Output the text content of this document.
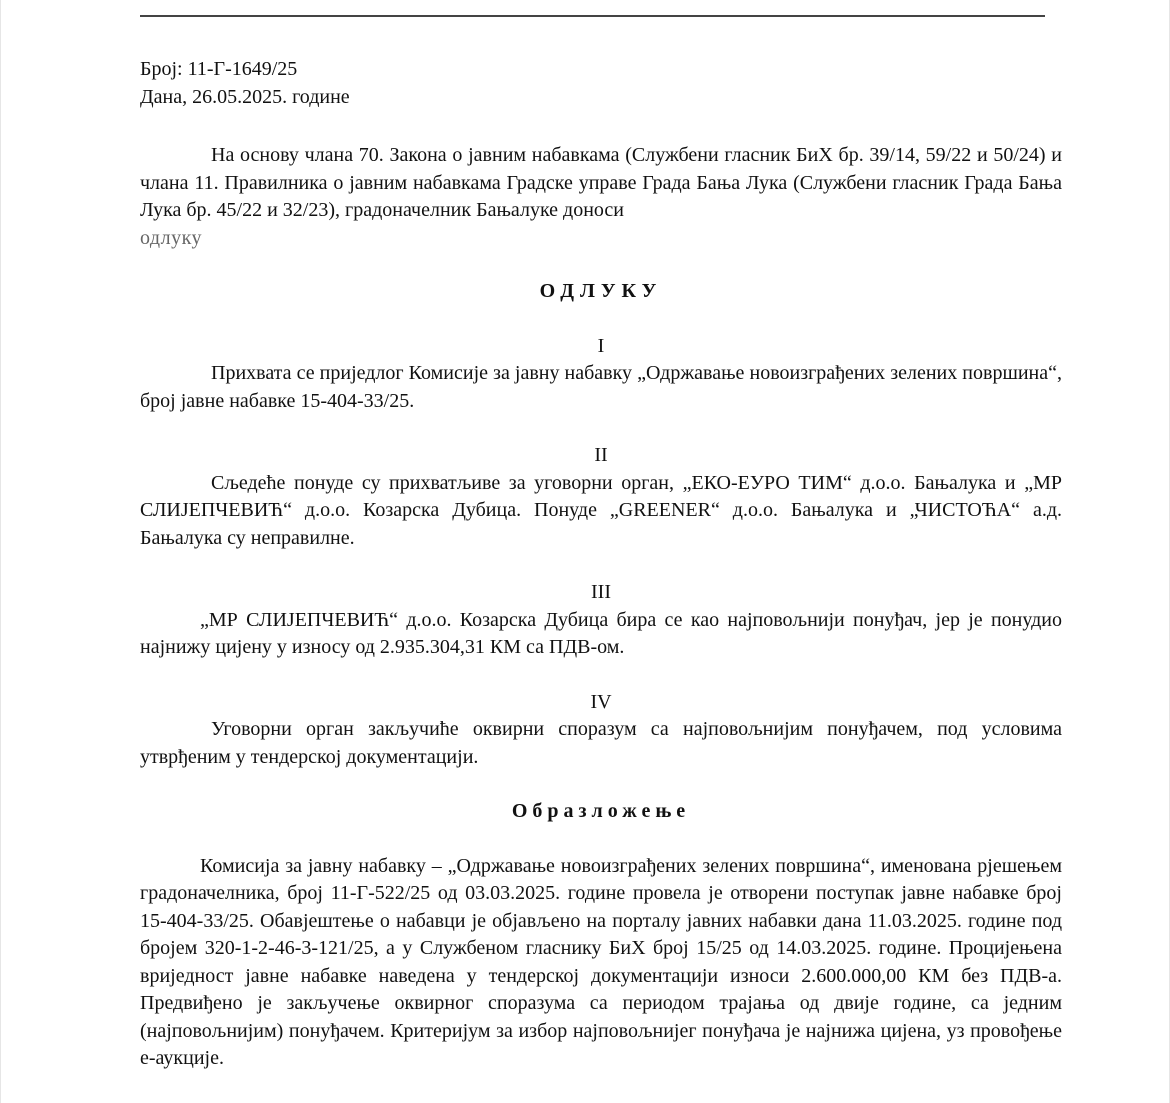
Број: 11-Г-1649/25

Дана, 26.05.2025. године

На основу члана 70. Закона о јавним набавкама (Службени гласник БиХ бр. 39/14, 59/22 и 50/24) и члана 11. Правилника о јавним набавкама Градске управе Града Бања Лука (Службени гласник Града Бања Лука бр. 45/22 и 32/23), градоначелник Бањалуке доноси
одлуку

ОДЛУКУ

I

Прихвата се приједлог Комисије за јавну набавку „Одржавање новоизграђених зелених површина“, број јавне набавке 15-404-33/25.

II

Сљедеће понуде су прихватљиве за уговорни орган, „ЕКО-ЕУРО ТИМ“ д.о.о. Бањалука и „МР СЛИЈЕПЧЕВИЋ“ д.о.о. Козарска Дубица. Понуде „GREENER“ д.о.о. Бањалука и „ЧИСТОЋА“ а.д. Бањалука су неправилне.

III

„МР СЛИЈЕПЧЕВИЋ“ д.о.о. Козарска Дубица бира се као најповољнији понуђач, јер је понудио најнижу цијену у износу од 2.935.304,31 КМ са ПДВ-ом.

IV

Уговорни орган закључиће оквирни споразум са најповољнијим понуђачем, под условима утврђеним у тендерској документацији.

Образложење

Комисија за јавну набавку – „Одржавање новоизграђених зелених површина“, именована рјешењем градоначелника, број 11-Г-522/25 од 03.03.2025. године провела је отворени поступак јавне набавке број 15-404-33/25. Обавјештење о набавци је објављено на порталу јавних набавки дана 11.03.2025. године под бројем 320-1-2-46-3-121/25, а у Службеном гласнику БиХ број 15/25 од 14.03.2025. године. Процијењена вриједност јавне набавке наведена у тендерској документацији износи 2.600.000,00 КМ без ПДВ-а. Предвиђено је закључење оквирног споразума са периодом трајања од двије године, са једним (најповољнијим) понуђачем. Критеријум за избор најповољнијег понуђача је најнижа цијена, уз провођење е-аукције.
